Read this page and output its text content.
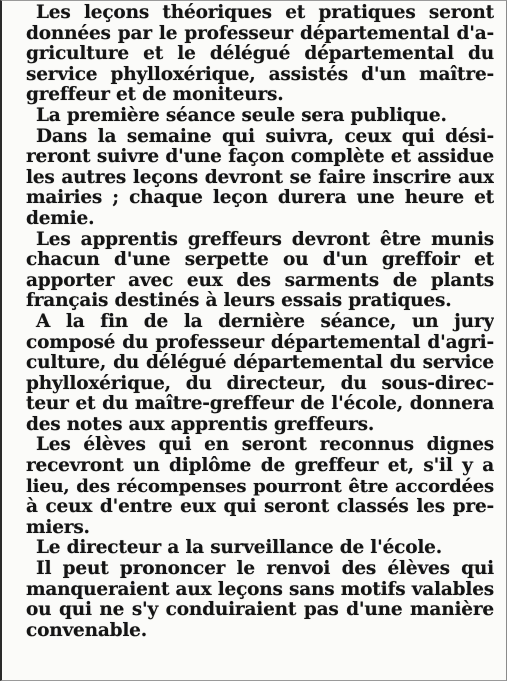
Les leçons théoriques et pratiques seront
données par le professeur départemental d'a-
griculture et le délégué départemental du
service phylloxérique, assistés d'un maître-
greffeur et de moniteurs.
La première séance seule sera publique.
Dans la semaine qui suivra, ceux qui dési-
reront suivre d'une façon complète et assidue
les autres leçons devront se faire inscrire aux
mairies ; chaque leçon durera une heure et
demie.
Les apprentis greffeurs devront être munis
chacun d'une serpette ou d'un greffoir et
apporter avec eux des sarments de plants
français destinés à leurs essais pratiques.
A la fin de la dernière séance, un jury
composé du professeur départemental d'agri-
culture, du délégué départemental du service
phylloxérique, du directeur, du sous-direc-
teur et du maître-greffeur de l'école, donnera
des notes aux apprentis greffeurs.
Les élèves qui en seront reconnus dignes
recevront un diplôme de greffeur et, s'il y a
lieu, des récompenses pourront être accordées
à ceux d'entre eux qui seront classés les pre-
miers.
Le directeur a la surveillance de l'école.
Il peut prononcer le renvoi des élèves qui
manqueraient aux leçons sans motifs valables
ou qui ne s'y conduiraient pas d'une manière
convenable.
